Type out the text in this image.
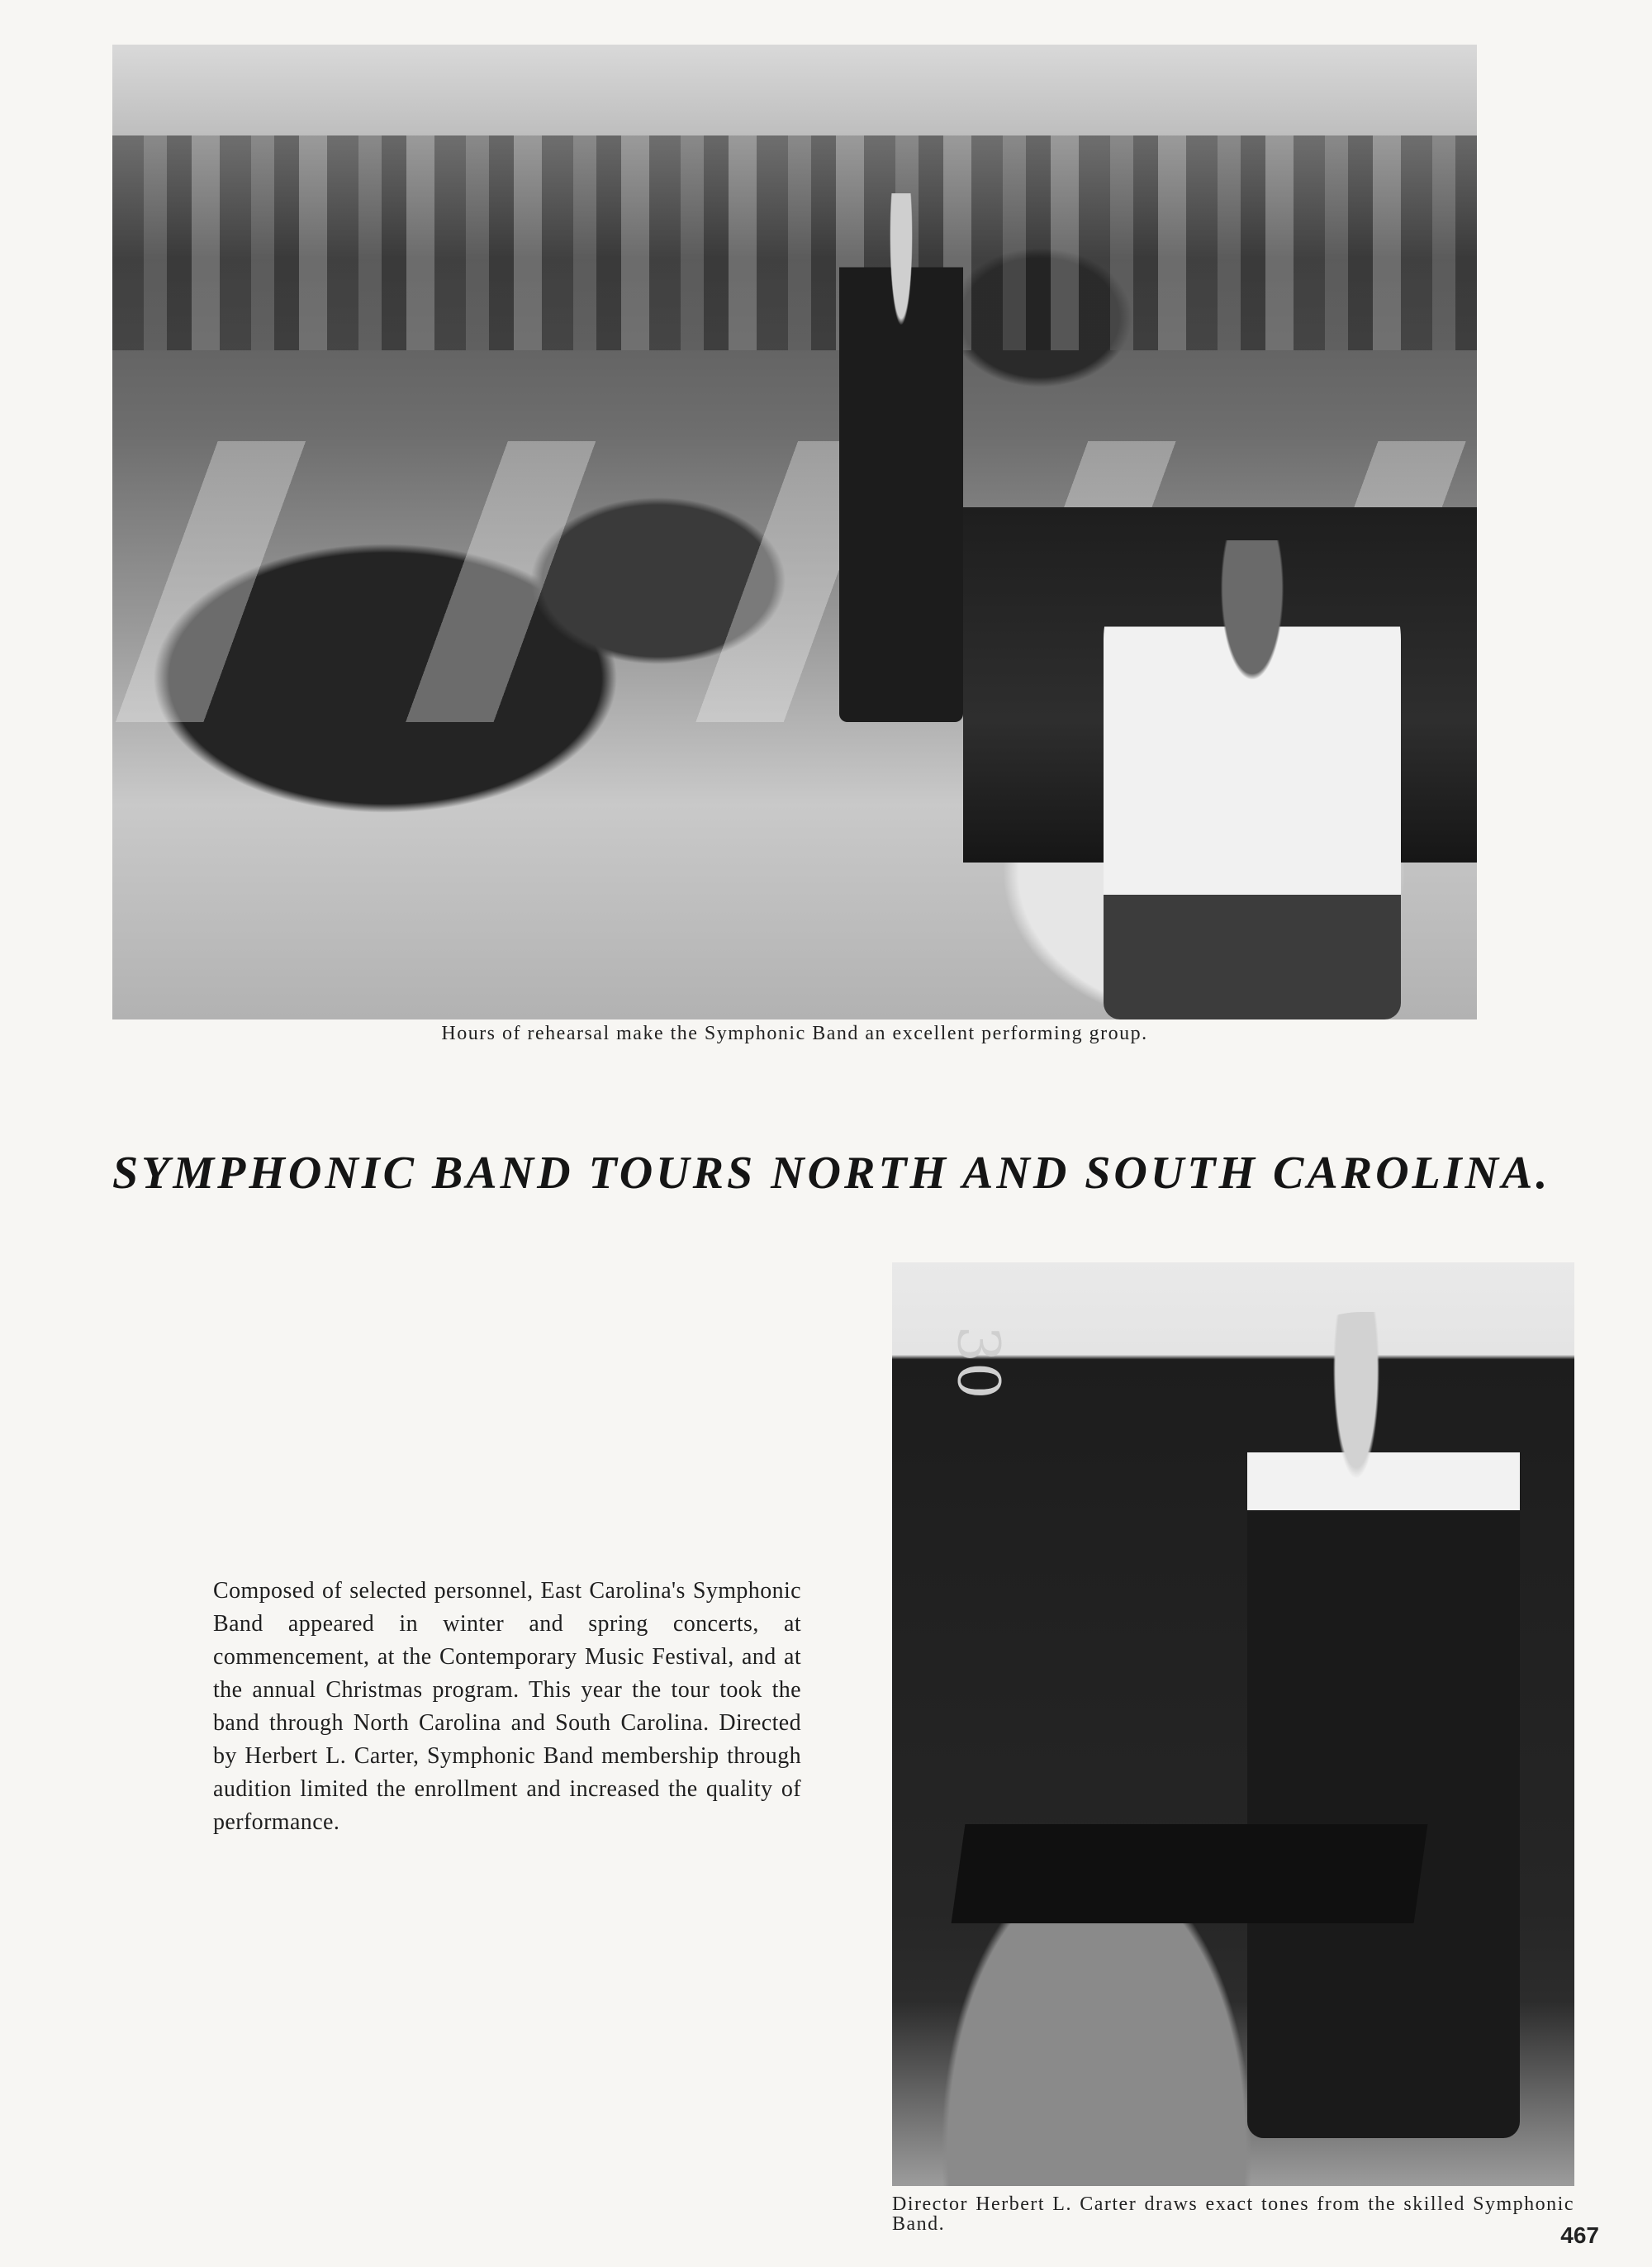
Hours of rehearsal make the Symphonic Band an excellent performing group.

SYMPHONIC BAND TOURS NORTH AND SOUTH CAROLINA.

Composed of selected personnel, East Carolina's Symphonic Band appeared in winter and spring concerts, at commencement, at the Contemporary Music Festival, and at the annual Christmas program. This year the tour took the band through North Carolina and South Carolina. Directed by Herbert L. Carter, Symphonic Band membership through audition limited the enrollment and increased the quality of performance.

30

Director Herbert L. Carter draws exact tones from the skilled Symphonic Band.	467
